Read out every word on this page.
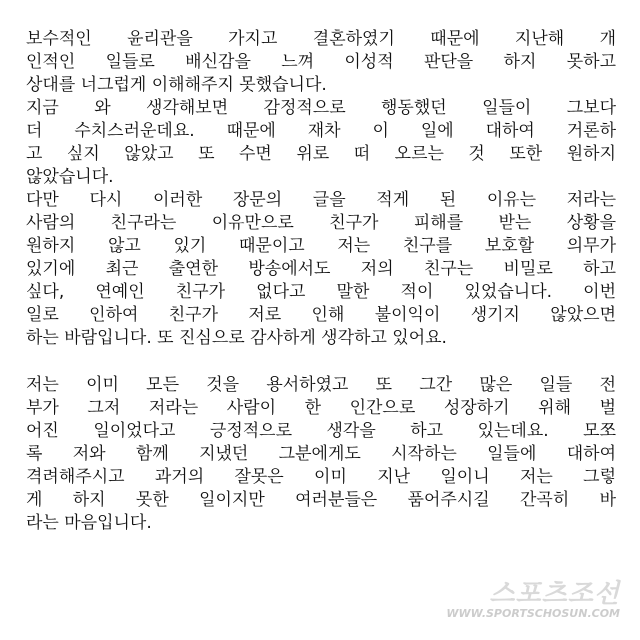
보수적인 윤리관을 가지고 결혼하였기 때문에 지난해 개
인적인 일들로 배신감을 느껴 이성적 판단을 하지 못하고
상대를 너그럽게 이해해주지 못했습니다.
지금 와 생각해보면 감정적으로 행동했던 일들이 그보다
더 수치스러운데요. 때문에 재차 이 일에 대하여 거론하
고 싶지 않았고 또 수면 위로 떠 오르는 것 또한 원하지
않았습니다.
다만 다시 이러한 장문의 글을 적게 된 이유는 저라는
사람의 친구라는 이유만으로 친구가 피해를 받는 상황을
원하지 않고 있기 때문이고 저는 친구를 보호할 의무가
있기에 최근 출연한 방송에서도 저의 친구는 비밀로 하고
싶다, 연예인 친구가 없다고 말한 적이 있었습니다. 이번
일로 인하여 친구가 저로 인해 불이익이 생기지 않았으면
하는 바람입니다. 또 진심으로 감사하게 생각하고 있어요.
저는 이미 모든 것을 용서하였고 또 그간 많은 일들 전
부가 그저 저라는 사람이 한 인간으로 성장하기 위해 벌
어진 일이었다고 긍정적으로 생각을 하고 있는데요. 모쪼
록 저와 함께 지냈던 그분에게도 시작하는 일들에 대하여
격려해주시고 과거의 잘못은 이미 지난 일이니 저는 그렇
게 하지 못한 일이지만 여러분들은 품어주시길 간곡히 바
라는 마음입니다.
스포츠조선
WWW.SPORTSCHOSUN.COM
